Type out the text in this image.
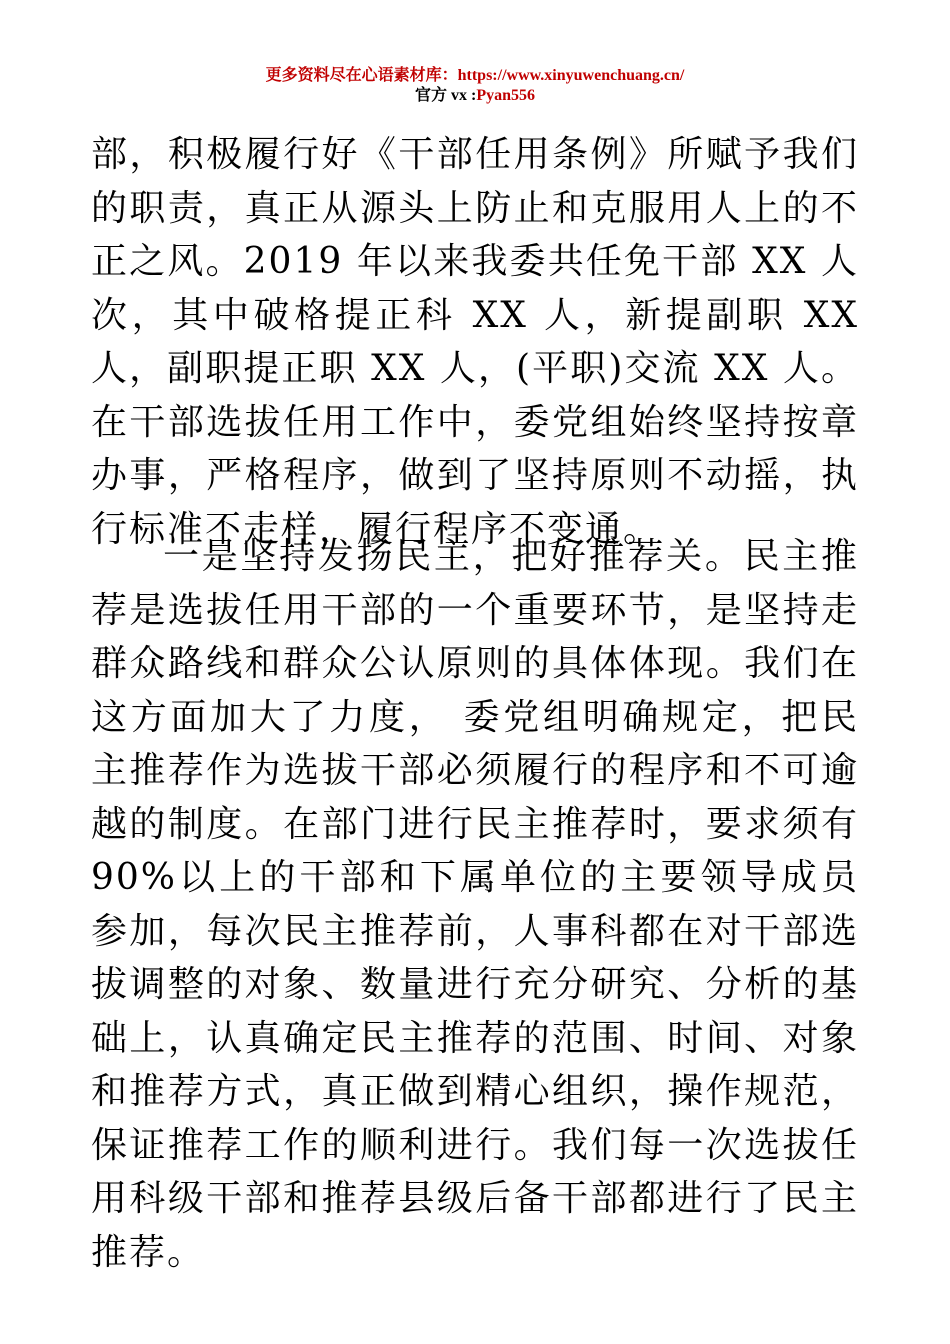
更多资料尽在心语素材库：https://www.xinyuwenchuang.cn/
官方 vx :Pyan556

部，积极履行好《干部任用条例》所赋予我们的职责，真正从源头上防止和克服用人上的不正之风。2019 年以来我委共任免干部 XX 人次，其中破格提正科 XX 人，新提副职 XX 人，副职提正职 XX 人，(平职)交流 XX 人。在干部选拔任用工作中，委党组始终坚持按章办事，严格程序，做到了坚持原则不动摇，执行标准不走样，履行程序不变通。

一是坚持发扬民主，把好推荐关。民主推荐是选拔任用干部的一个重要环节，是坚持走群众路线和群众公认原则的具体体现。我们在这方面加大了力度， 委党组明确规定，把民主推荐作为选拔干部必须履行的程序和不可逾越的制度。在部门进行民主推荐时，要求须有 90%以上的干部和下属单位的主要领导成员参加，每次民主推荐前，人事科都在对干部选拔调整的对象、数量进行充分研究、分析的基础上，认真确定民主推荐的范围、时间、对象和推荐方式，真正做到精心组织，操作规范，保证推荐工作的顺利进行。我们每一次选拔任用科级干部和推荐县级后备干部都进行了民主推荐。
